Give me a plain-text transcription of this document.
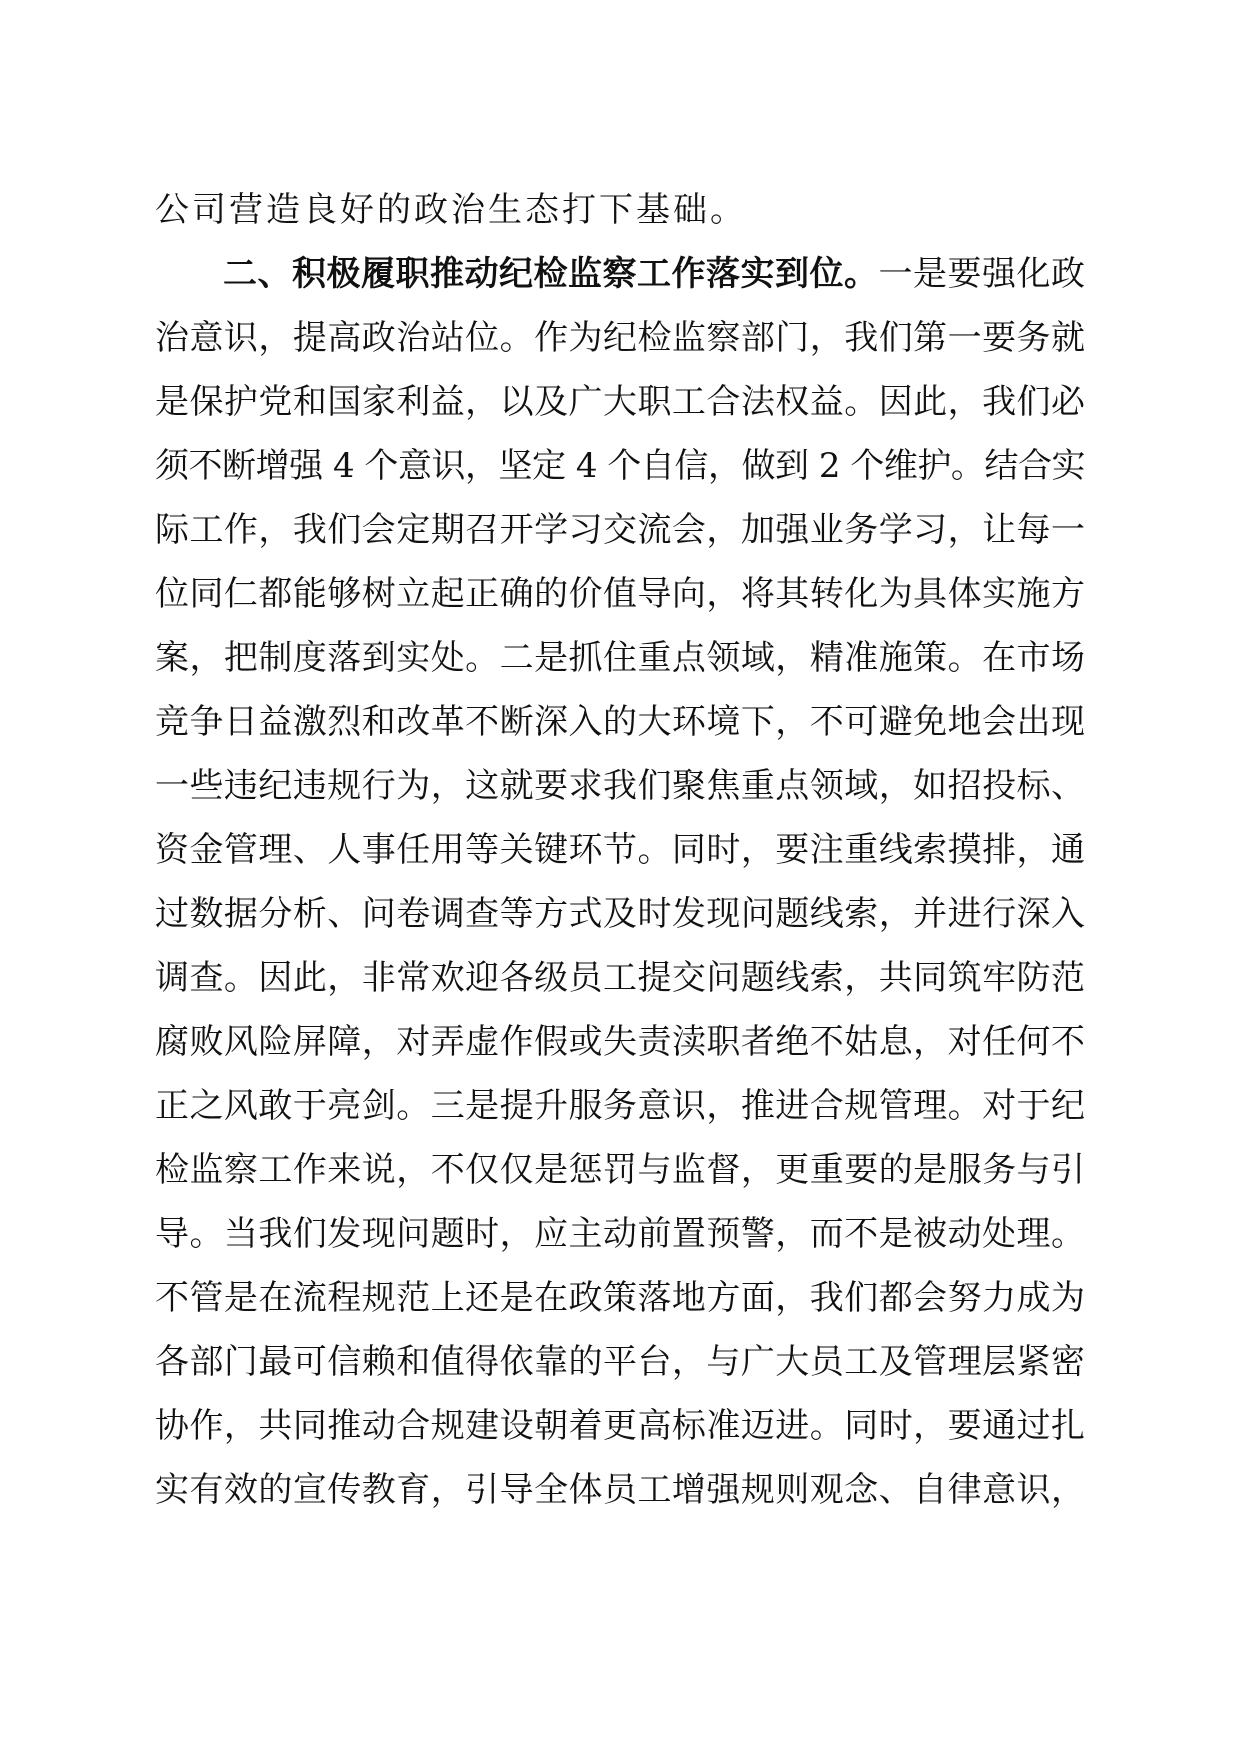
公司营造良好的政治生态打下基础。
二、积极履职推动纪检监察工作落实到位。一是要强化政
治意识，提高政治站位。作为纪检监察部门，我们第一要务就
是保护党和国家利益，以及广大职工合法权益。因此，我们必
须不断增强 4 个意识，坚定 4 个自信，做到 2 个维护。结合实
际工作，我们会定期召开学习交流会，加强业务学习，让每一
位同仁都能够树立起正确的价值导向，将其转化为具体实施方
案，把制度落到实处。二是抓住重点领域，精准施策。在市场
竞争日益激烈和改革不断深入的大环境下，不可避免地会出现
一些违纪违规行为，这就要求我们聚焦重点领域，如招投标、
资金管理、人事任用等关键环节。同时，要注重线索摸排，通
过数据分析、问卷调查等方式及时发现问题线索，并进行深入
调查。因此，非常欢迎各级员工提交问题线索，共同筑牢防范
腐败风险屏障，对弄虚作假或失责渎职者绝不姑息，对任何不
正之风敢于亮剑。三是提升服务意识，推进合规管理。对于纪
检监察工作来说，不仅仅是惩罚与监督，更重要的是服务与引
导。当我们发现问题时，应主动前置预警，而不是被动处理。
不管是在流程规范上还是在政策落地方面，我们都会努力成为
各部门最可信赖和值得依靠的平台，与广大员工及管理层紧密
协作，共同推动合规建设朝着更高标准迈进。同时，要通过扎
实有效的宣传教育，引导全体员工增强规则观念、自律意识，
